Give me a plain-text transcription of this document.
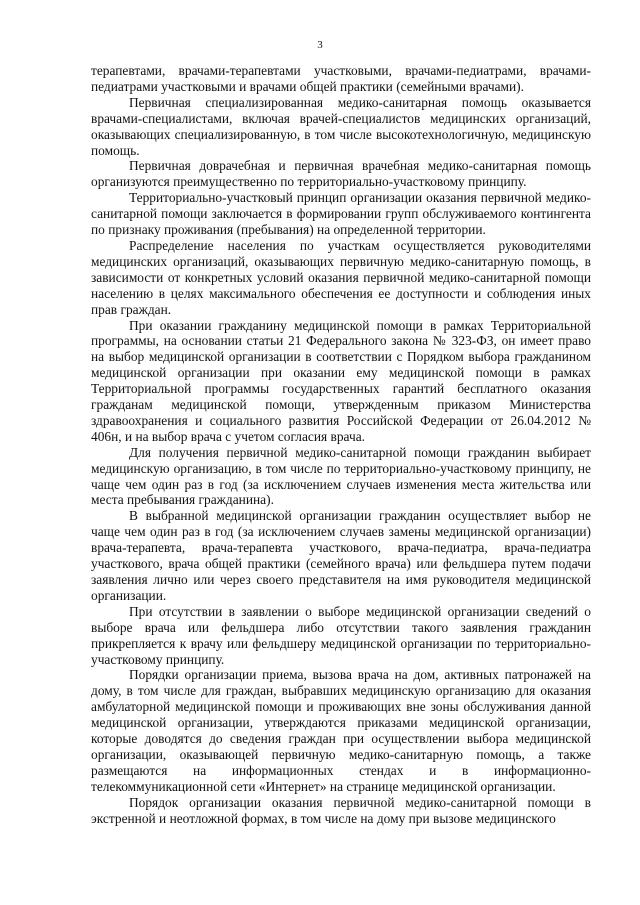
3

терапевтами, врачами-терапевтами участковыми, врачами-педиатрами, врачами-педиатрами участковыми и врачами общей практики (семейными врачами).

Первичная специализированная медико-санитарная помощь оказывается врачами-специалистами, включая врачей-специалистов медицинских организаций, оказывающих специализированную, в том числе высокотехнологичную, медицинскую помощь.

Первичная доврачебная и первичная врачебная медико-санитарная помощь организуются преимущественно по территориально-участковому принципу.

Территориально-участковый принцип организации оказания первичной медико-санитарной помощи заключается в формировании групп обслуживаемого контингента по признаку проживания (пребывания) на определенной территории.

Распределение населения по участкам осуществляется руководителями медицинских организаций, оказывающих первичную медико-санитарную помощь, в зависимости от конкретных условий оказания первичной медико-санитарной помощи населению в целях максимального обеспечения ее доступности и соблюдения иных прав граждан.

При оказании гражданину медицинской помощи в рамках Территориальной программы, на основании статьи 21 Федерального закона № 323-ФЗ, он имеет право на выбор медицинской организации в соответствии с Порядком выбора гражданином медицинской организации при оказании ему медицинской помощи в рамках Территориальной программы государственных гарантий бесплатного оказания гражданам медицинской помощи, утвержденным приказом Министерства здравоохранения и социального развития Российской Федерации от 26.04.2012 № 406н, и на выбор врача с учетом согласия врача.

Для получения первичной медико-санитарной помощи гражданин выбирает медицинскую организацию, в том числе по территориально-участковому принципу, не чаще чем один раз в год (за исключением случаев изменения места жительства или места пребывания гражданина).

В выбранной медицинской организации гражданин осуществляет выбор не чаще чем один раз в год (за исключением случаев замены медицинской организации) врача-терапевта, врача-терапевта участкового, врача-педиатра, врача-педиатра участкового, врача общей практики (семейного врача) или фельдшера путем подачи заявления лично или через своего представителя на имя руководителя медицинской организации.

При отсутствии в заявлении о выборе медицинской организации сведений о выборе врача или фельдшера либо отсутствии такого заявления гражданин прикрепляется к врачу или фельдшеру медицинской организации по территориально-участковому принципу.

Порядки организации приема, вызова врача на дом, активных патронажей на дому, в том числе для граждан, выбравших медицинскую организацию для оказания амбулаторной медицинской помощи и проживающих вне зоны обслуживания данной медицинской организации, утверждаются приказами медицинской организации, которые доводятся до сведения граждан при осуществлении выбора медицинской организации, оказывающей первичную медико-санитарную помощь, а также размещаются на информационных стендах и в информационно-телекоммуникационной сети «Интернет» на странице медицинской организации.

Порядок организации оказания первичной медико-санитарной помощи в экстренной и неотложной формах, в том числе на дому при вызове медицинского
